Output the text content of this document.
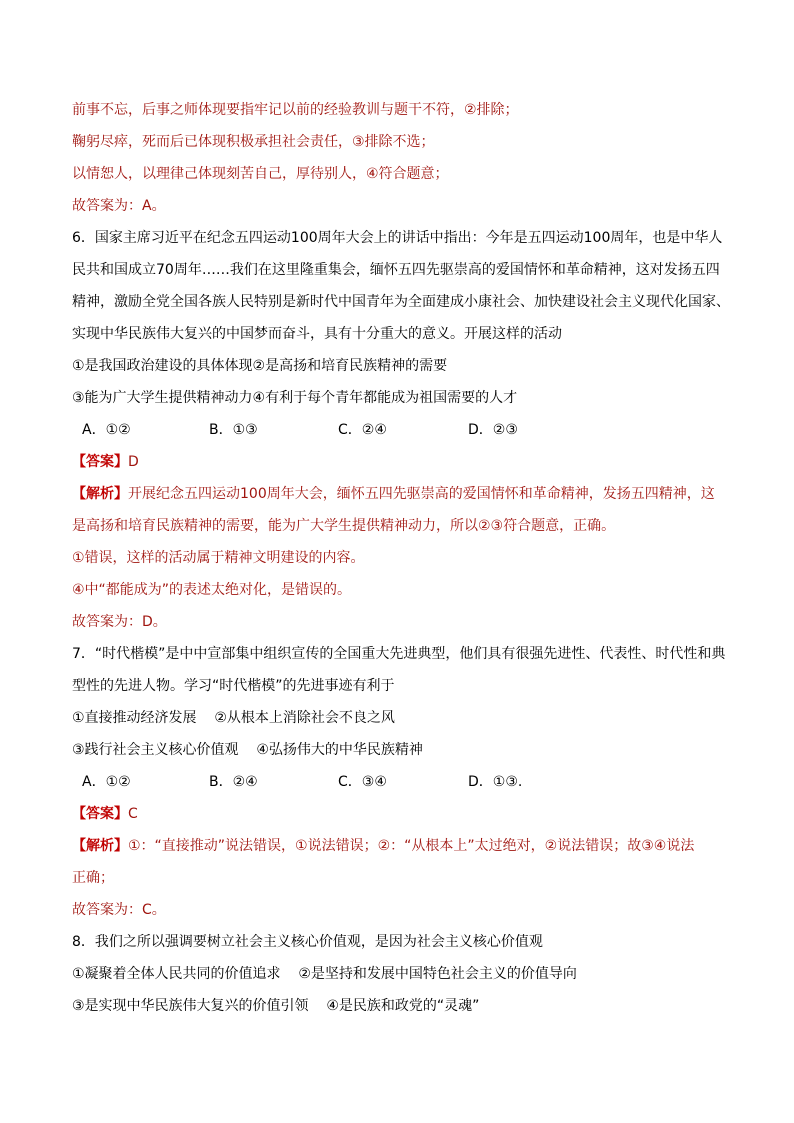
前事不忘，后事之师体现要指牢记以前的经验教训与题干不符，②排除；
鞠躬尽瘁，死而后已体现积极承担社会责任，③排除不选；
以情恕人，以理律己体现刻苦自己，厚待别人，④符合题意；
故答案为：A。
6．国家主席习近平在纪念五四运动100周年大会上的讲话中指出：今年是五四运动100周年，也是中华人
民共和国成立70周年……我们在这里隆重集会，缅怀五四先驱崇高的爱国情怀和革命精神，这对发扬五四
精神，激励全党全国各族人民特别是新时代中国青年为全面建成小康社会、加快建设社会主义现代化国家、
实现中华民族伟大复兴的中国梦而奋斗，具有十分重大的意义。开展这样的活动
①是我国政治建设的具体体现②是高扬和培育民族精神的需要
③能为广大学生提供精神动力④有利于每个青年都能成为祖国需要的人才
A．①②	B．①③	C．②④	D．②③
【答案】D
【解析】开展纪念五四运动100周年大会，缅怀五四先驱崇高的爱国情怀和革命精神，发扬五四精神，这
是高扬和培育民族精神的需要，能为广大学生提供精神动力，所以②③符合题意，正确。
①错误，这样的活动属于精神文明建设的内容。
④中“都能成为”的表述太绝对化，是错误的。
故答案为：D。
7．“时代楷模”是中中宣部集中组织宣传的全国重大先进典型，他们具有很强先进性、代表性、时代性和典
型性的先进人物。学习“时代楷模”的先进事迹有利于
①直接推动经济发展    ②从根本上消除社会不良之风
③践行社会主义核心价值观    ④弘扬伟大的中华民族精神
A．①②	B．②④	C．③④	D．①③.
【答案】C
【解析】①：“直接推动”说法错误，①说法错误；②：“从根本上”太过绝对，②说法错误；故③④说法
正确；
故答案为：C。
8．我们之所以强调要树立社会主义核心价值观，是因为社会主义核心价值观
①凝聚着全体人民共同的价值追求    ②是坚持和发展中国特色社会主义的价值导向
③是实现中华民族伟大复兴的价值引领    ④是民族和政党的“灵魂”
